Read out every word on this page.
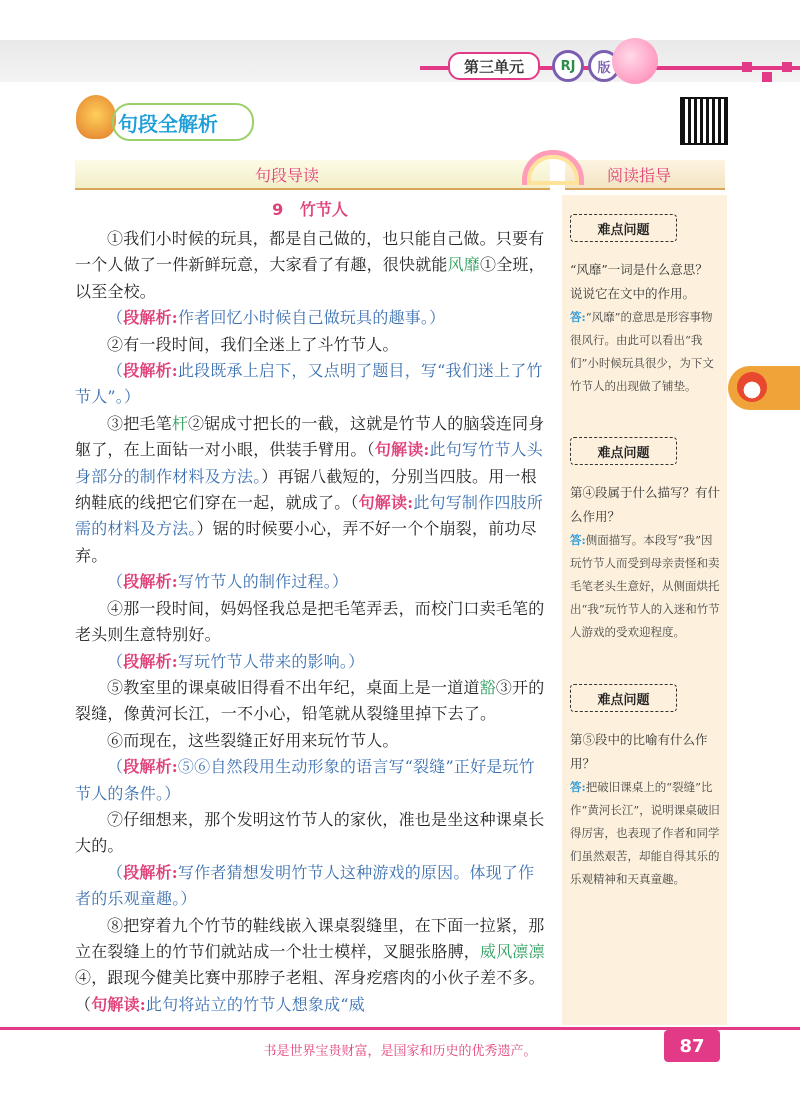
第三单元	RJ	版
句段全解析
句段导读	阅读指导
难点问题
“风靡”一词是什么意思？说说它在文中的作用。
答:“风靡”的意思是形容事物很风行。由此可以看出“我们”小时候玩具很少，为下文竹节人的出现做了铺垫。
难点问题
第④段属于什么描写？有什么作用？
答:侧面描写。本段写“我”因玩竹节人而受到母亲责怪和卖毛笔老头生意好，从侧面烘托出“我”玩竹节人的入迷和竹节人游戏的受欢迎程度。
难点问题
第⑤段中的比喻有什么作用？
答:把破旧课桌上的“裂缝”比作“黄河长江”，说明课桌破旧得厉害，也表现了作者和同学们虽然艰苦，却能自得其乐的乐观精神和天真童趣。
9 竹节人

①我们小时候的玩具，都是自己做的，也只能自己做。只要有一个人做了一件新鲜玩意，大家看了有趣，很快就能风靡①全班，以至全校。

（段解析:作者回忆小时候自己做玩具的趣事。）

②有一段时间，我们全迷上了斗竹节人。

（段解析:此段既承上启下，又点明了题目，写“我们迷上了竹节人”。）

③把毛笔杆②锯成寸把长的一截，这就是竹节人的脑袋连同身躯了，在上面钻一对小眼，供装手臂用。（句解读:此句写竹节人头身部分的制作材料及方法。）再锯八截短的，分别当四肢。用一根纳鞋底的线把它们穿在一起，就成了。（句解读:此句写制作四肢所需的材料及方法。）锯的时候要小心，弄不好一个个崩裂，前功尽弃。

（段解析:写竹节人的制作过程。）

④那一段时间，妈妈怪我总是把毛笔弄丢，而校门口卖毛笔的老头则生意特别好。

（段解析:写玩竹节人带来的影响。）

⑤教室里的课桌破旧得看不出年纪，桌面上是一道道豁③开的裂缝，像黄河长江，一不小心，铅笔就从裂缝里掉下去了。

⑥而现在，这些裂缝正好用来玩竹节人。

（段解析:⑤⑥自然段用生动形象的语言写“裂缝”正好是玩竹节人的条件。）

⑦仔细想来，那个发明这竹节人的家伙，准也是坐这种课桌长大的。

（段解析:写作者猜想发明竹节人这种游戏的原因。体现了作者的乐观童趣。）

⑧把穿着九个竹节的鞋线嵌入课桌裂缝里，在下面一拉紧，那立在裂缝上的竹节们就站成一个壮士模样，叉腿张胳膊，威风凛凛④，跟现今健美比赛中那脖子老粗、浑身疙瘩肉的小伙子差不多。（句解读:此句将站立的竹节人想象成“威

书是世界宝贵财富，是国家和历史的优秀遗产。	87
